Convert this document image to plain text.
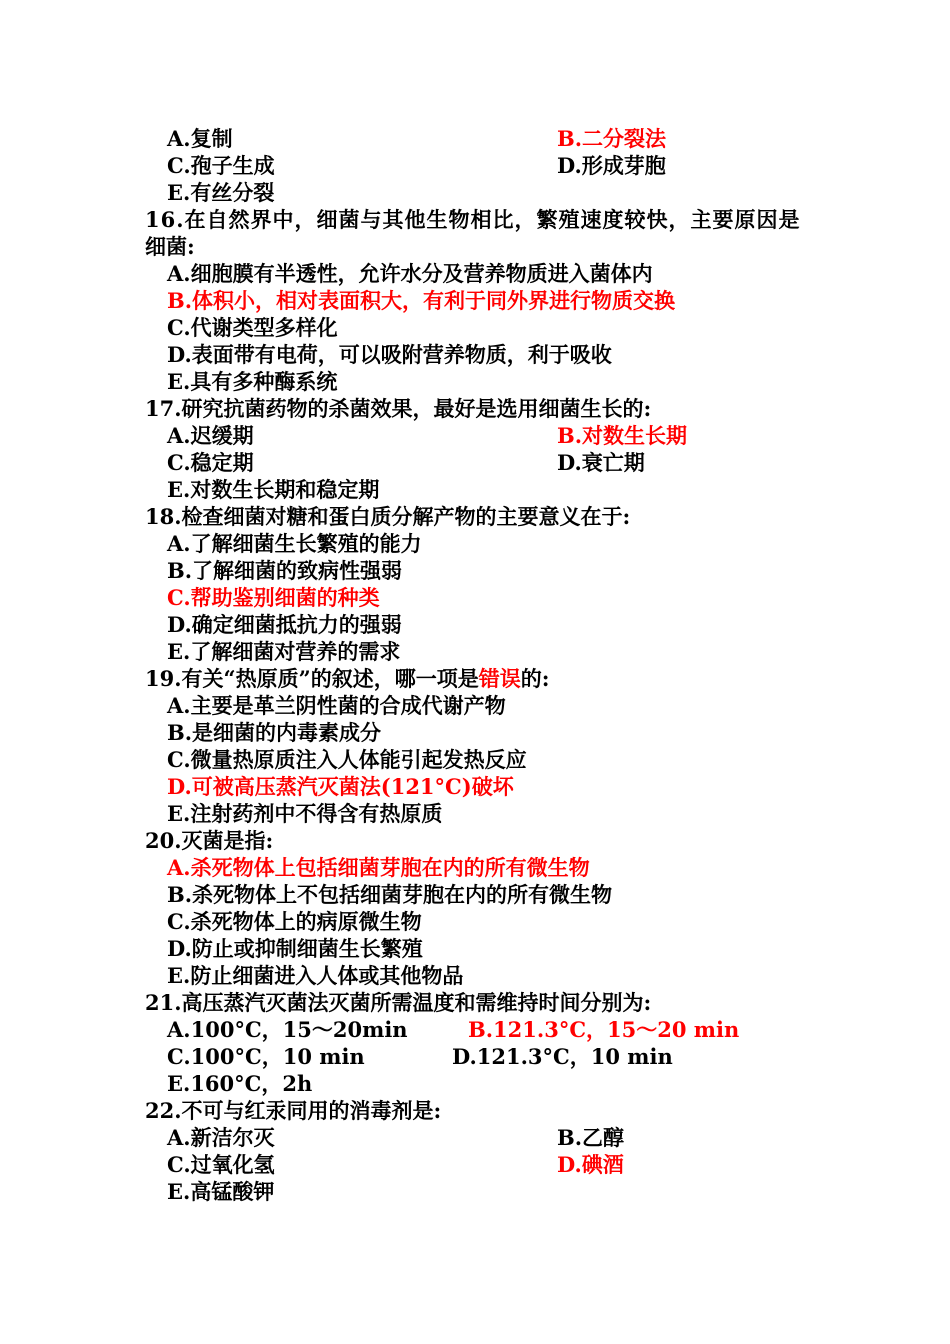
A.复制	B.二分裂法
C.孢子生成	D.形成芽胞
E.有丝分裂
16.在自然界中，细菌与其他生物相比，繁殖速度较快，主要原因是
细菌:
A.细胞膜有半透性，允许水分及营养物质进入菌体内
B.体积小，相对表面积大，有利于同外界进行物质交换
C.代谢类型多样化
D.表面带有电荷，可以吸附营养物质，利于吸收
E.具有多种酶系统
17.研究抗菌药物的杀菌效果，最好是选用细菌生长的:
A.迟缓期	B.对数生长期
C.稳定期	D.衰亡期
E.对数生长期和稳定期
18.检查细菌对糖和蛋白质分解产物的主要意义在于:
A.了解细菌生长繁殖的能力
B.了解细菌的致病性强弱
C.帮助鉴别细菌的种类
D.确定细菌抵抗力的强弱
E.了解细菌对营养的需求
19.有关“热原质”的叙述，哪一项是错误的:
A.主要是革兰阴性菌的合成代谢产物
B.是细菌的内毒素成分
C.微量热原质注入人体能引起发热反应
D.可被高压蒸汽灭菌法(121°C)破坏
E.注射药剂中不得含有热原质
20.灭菌是指:
A.杀死物体上包括细菌芽胞在内的所有微生物
B.杀死物体上不包括细菌芽胞在内的所有微生物
C.杀死物体上的病原微生物
D.防止或抑制细菌生长繁殖
E.防止细菌进入人体或其他物品
21.高压蒸汽灭菌法灭菌所需温度和需维持时间分别为:
A.100°C，15～20min	B.121.3°C，15～20 min
C.100°C，10 min	D.121.3°C，10 min
E.160°C，2h
22.不可与红汞同用的消毒剂是:
A.新洁尔灭	B.乙醇
C.过氧化氢	D.碘酒
E.高锰酸钾
